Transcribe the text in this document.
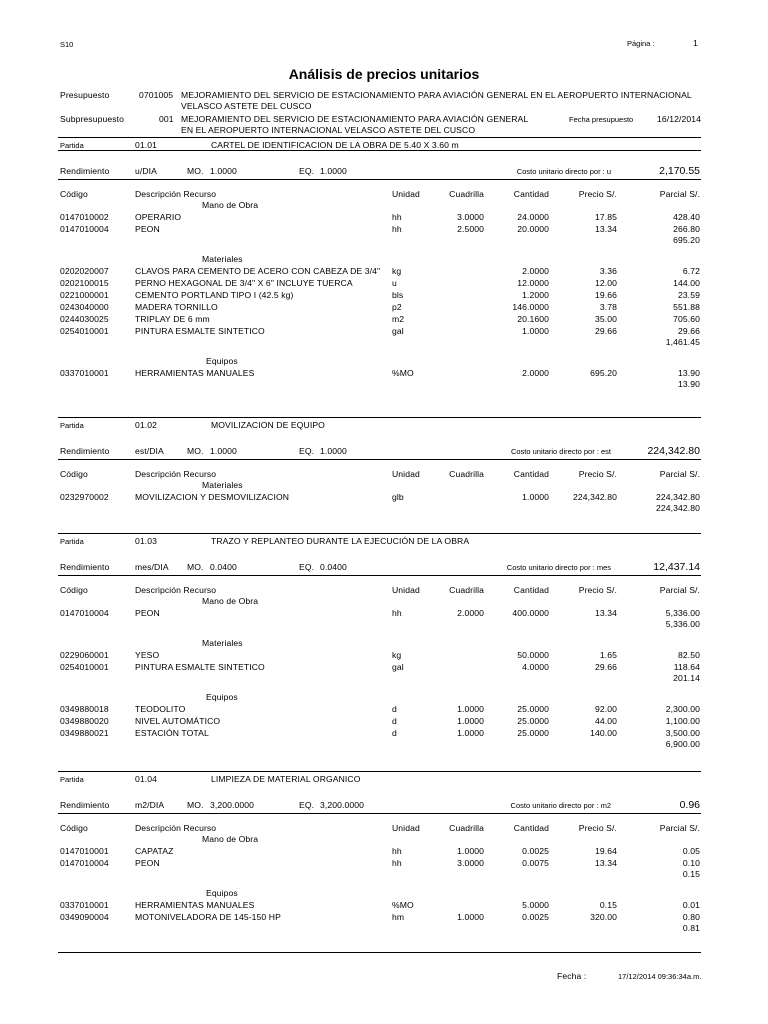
S10	Página :	1
Análisis de precios unitarios
Presupuesto	0701005 MEJORAMIENTO DEL SERVICIO DE ESTACIONAMIENTO PARA AVIACIÓN GENERAL EN EL AEROPUERTO INTERNACIONAL
VELASCO ASTETE DEL CUSCO
Subpresupuesto	001 MEJORAMIENTO DEL SERVICIO DE ESTACIONAMIENTO PARA AVIACIÓN GENERAL
EN EL AEROPUERTO INTERNACIONAL VELASCO ASTETE DEL CUSCO
Fecha presupuesto	16/12/2014
Partida	01.01	CARTEL DE IDENTIFICACION DE LA OBRA DE 5.40 X 3.60 m
Rendimiento	u/DIA	MO. 1.0000	EQ. 1.0000	Costo unitario directo por : u	2,170.55
Código	Descripción Recurso	Unidad	Cuadrilla	Cantidad	Precio S/.	Parcial S/.
Mano de Obra
0147010002	OPERARIO	hh	3.0000	24.0000	17.85	428.40
0147010004	PEON	hh	2.5000	20.0000	13.34	266.80
695.20
Materiales
0202020007	CLAVOS PARA CEMENTO DE ACERO CON CABEZA DE 3/4" kg	2.0000	3.36	6.72
0202100015	PERNO HEXAGONAL DE 3/4" X 6" INCLUYE TUERCA	u	12.0000	12.00	144.00
0221000001	CEMENTO PORTLAND TIPO I (42.5 kg)	bls	1.2000	19.66	23.59
0243040000	MADERA TORNILLO	p2	146.0000	3.78	551.88
0244030025	TRIPLAY DE 6 mm	m2	20.1600	35.00	705.60
0254010001	PINTURA ESMALTE SINTETICO	gal	1.0000	29.66	29.66
1,461.45
Equipos
0337010001	HERRAMIENTAS MANUALES	%MO	2.0000	695.20	13.90
13.90
Partida	01.02	MOVILIZACION DE EQUIPO
Rendimiento	est/DIA	MO. 1.0000	EQ. 1.0000	Costo unitario directo por : est	224,342.80
Código	Descripción Recurso	Unidad	Cuadrilla	Cantidad	Precio S/.	Parcial S/.
Materiales
0232970002	MOVILIZACION Y DESMOVILIZACION	glb	1.0000	224,342.80	224,342.80
224,342.80
Partida	01.03	TRAZO Y REPLANTEO DURANTE LA EJECUCIÓN DE LA OBRA
Rendimiento	mes/DIA MO. 0.0400	EQ. 0.0400	Costo unitario directo por : mes	12,437.14
Código	Descripción Recurso	Unidad	Cuadrilla	Cantidad	Precio S/.	Parcial S/.
Mano de Obra
0147010004	PEON	hh	2.0000	400.0000	13.34	5,336.00
5,336.00
Materiales
0229060001	YESO	kg	50.0000	1.65	82.50
0254010001	PINTURA ESMALTE SINTETICO	gal	4.0000	29.66	118.64
201.14
Equipos
0349880018	TEODOLITO	d	1.0000	25.0000	92.00	2,300.00
0349880020	NIVEL AUTOMÁTICO	d	1.0000	25.0000	44.00	1,100.00
0349880021	ESTACIÓN TOTAL	d	1.0000	25.0000	140.00	3,500.00
6,900.00
Partida	01.04	LIMPIEZA DE MATERIAL ORGANICO
Rendimiento	m2/DIA	MO. 3,200.0000	EQ. 3,200.0000	Costo unitario directo por : m2	0.96
Código	Descripción Recurso	Unidad	Cuadrilla	Cantidad	Precio S/.	Parcial S/.
Mano de Obra
0147010001	CAPATAZ	hh	1.0000	0.0025	19.64	0.05
0147010004	PEON	hh	3.0000	0.0075	13.34	0.10
0.15
Equipos
0337010001	HERRAMIENTAS MANUALES	%MO	5.0000	0.15	0.01
0349090004	MOTONIVELADORA DE 145-150 HP	hm	1.0000	0.0025	320.00	0.80
0.81
Fecha :	17/12/2014 09:36:34a.m.
